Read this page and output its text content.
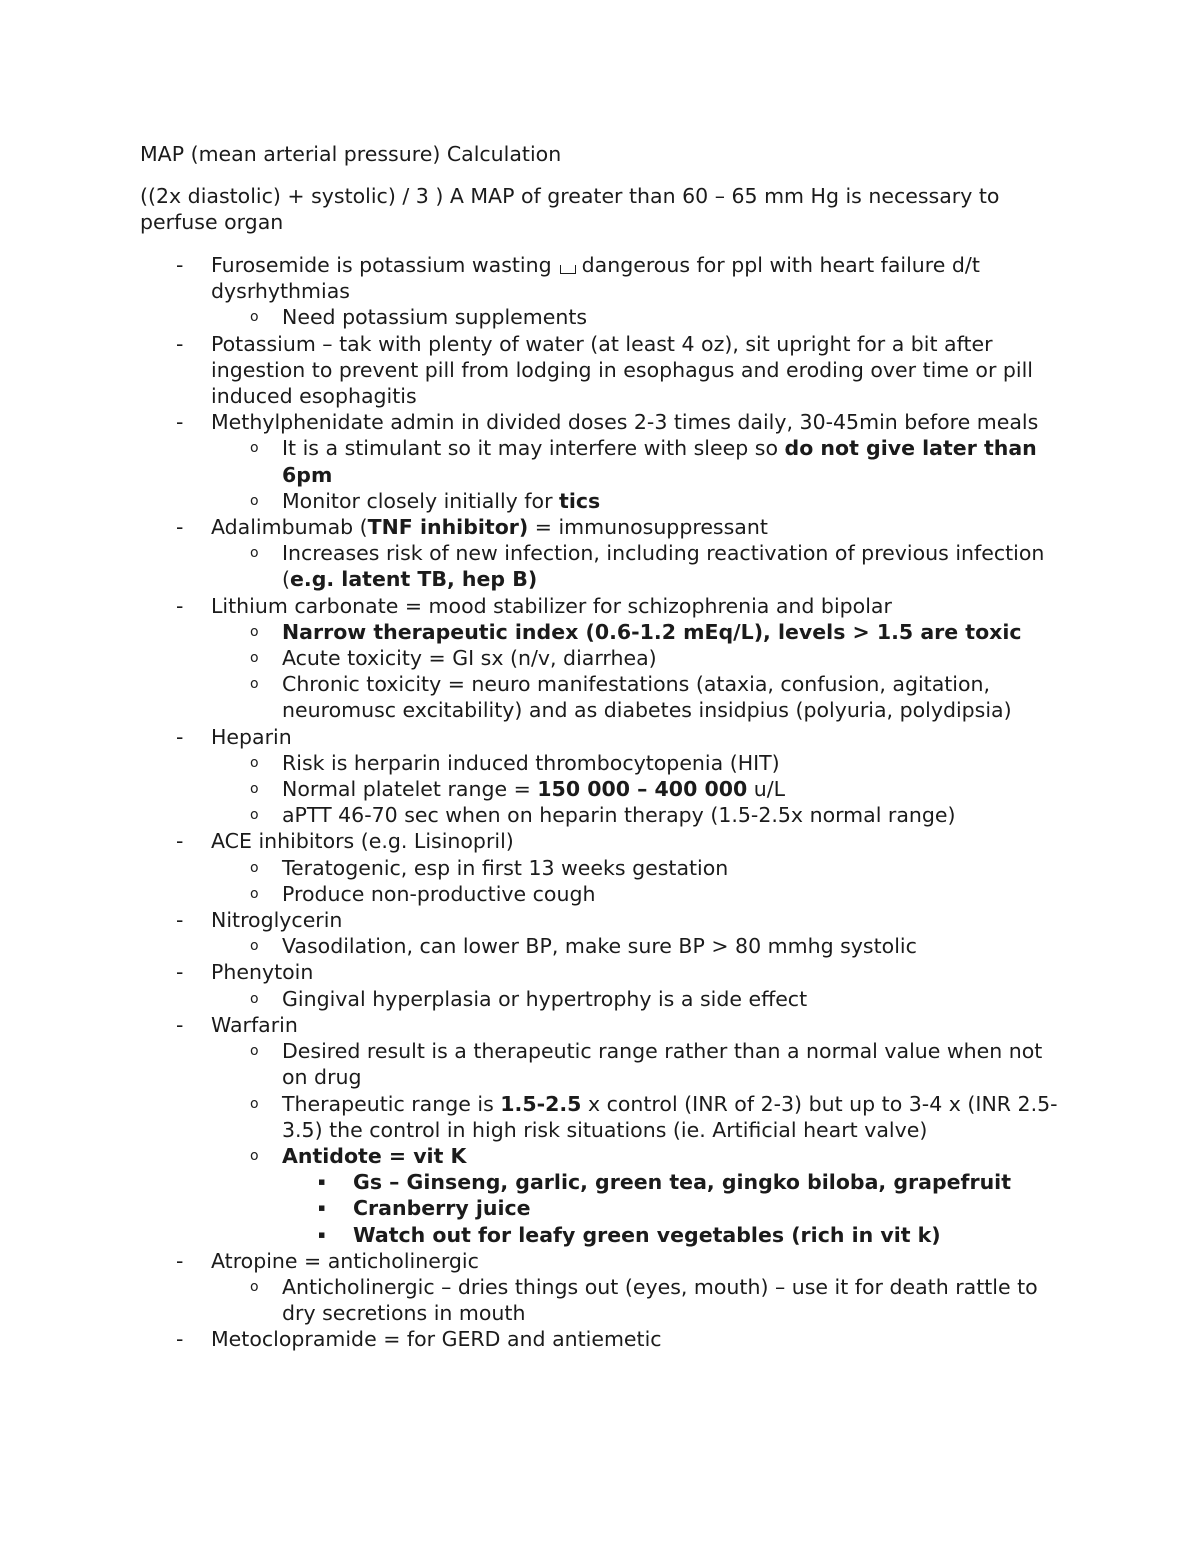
MAP (mean arterial pressure) Calculation
((2x diastolic) + systolic) / 3 ) A MAP of greater than 60 – 65 mm Hg is necessary to perfuse organ
- Furosemide is potassium wasting dangerous for ppl with heart failure d/t dysrhythmias
o Need potassium supplements
- Potassium – tak with plenty of water (at least 4 oz), sit upright for a bit after ingestion to prevent pill from lodging in esophagus and eroding over time or pill induced esophagitis
- Methylphenidate admin in divided doses 2-3 times daily, 30-45min before meals
o It is a stimulant so it may interfere with sleep so do not give later than 6pm
o Monitor closely initially for tics
- Adalimbumab (TNF inhibitor) = immunosuppressant
o Increases risk of new infection, including reactivation of previous infection (e.g. latent TB, hep B)
- Lithium carbonate = mood stabilizer for schizophrenia and bipolar
o Narrow therapeutic index (0.6-1.2 mEq/L), levels > 1.5 are toxic
o Acute toxicity = GI sx (n/v, diarrhea)
o Chronic toxicity = neuro manifestations (ataxia, confusion, agitation, neuromusc excitability) and as diabetes insidpius (polyuria, polydipsia)
- Heparin
o Risk is herparin induced thrombocytopenia (HIT)
o Normal platelet range = 150 000 – 400 000 u/L
o aPTT 46-70 sec when on heparin therapy (1.5-2.5x normal range)
- ACE inhibitors (e.g. Lisinopril)
o Teratogenic, esp in first 13 weeks gestation
o Produce non-productive cough
- Nitroglycerin
o Vasodilation, can lower BP, make sure BP > 80 mmhg systolic
- Phenytoin
o Gingival hyperplasia or hypertrophy is a side effect
- Warfarin
o Desired result is a therapeutic range rather than a normal value when not on drug
o Therapeutic range is 1.5-2.5 x control (INR of 2-3) but up to 3-4 x (INR 2.5-3.5) the control in high risk situations (ie. Artificial heart valve)
o Antidote = vit K
▪ Gs – Ginseng, garlic, green tea, gingko biloba, grapefruit
▪ Cranberry juice
▪ Watch out for leafy green vegetables (rich in vit k)
- Atropine = anticholinergic
o Anticholinergic – dries things out (eyes, mouth) – use it for death rattle to dry secretions in mouth
- Metoclopramide = for GERD and antiemetic
